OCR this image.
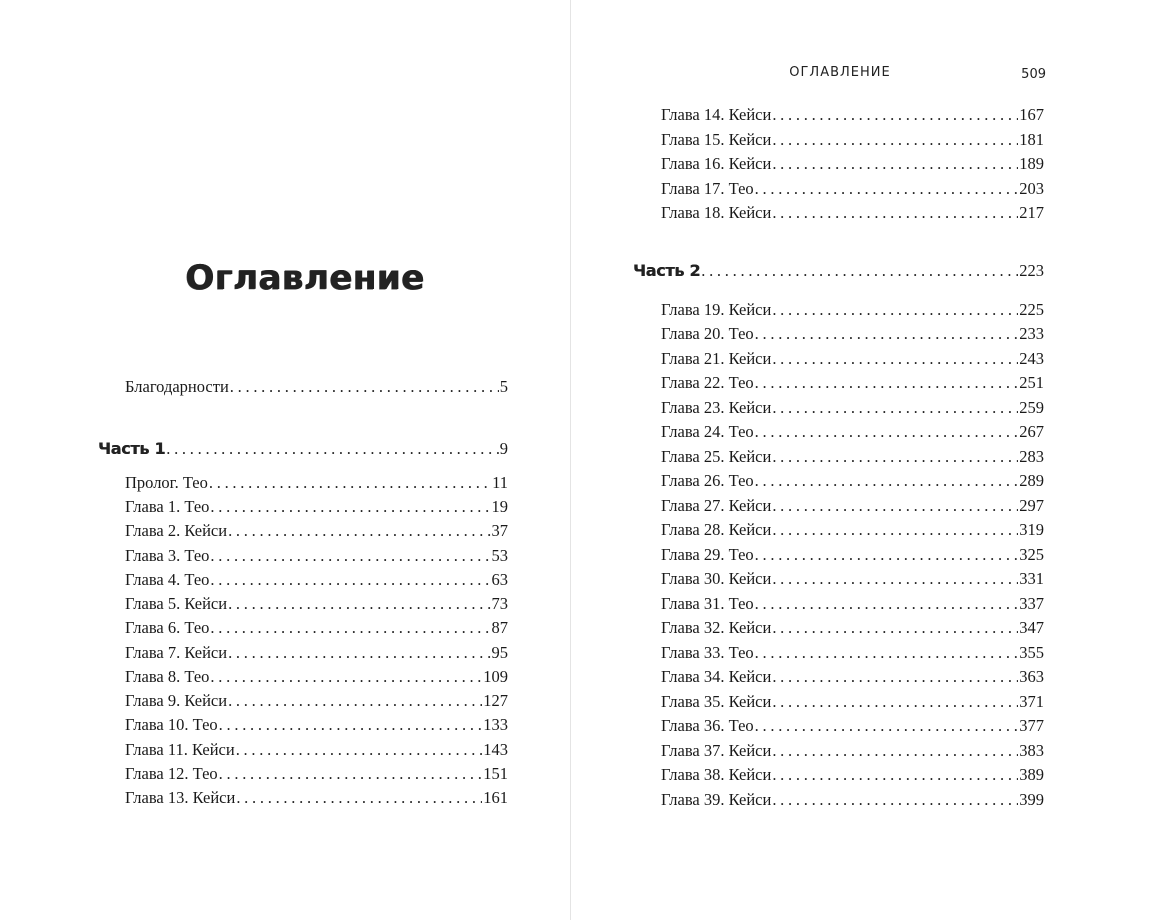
Оглавление
Благодарности . . .	5
Часть 1 . . .	9
Пролог. Тео . . .	11
Глава 1. Тео . . .	19
Глава 2. Кейси . . .	37
Глава 3. Тео . . .	53
Глава 4. Тео . . .	63
Глава 5. Кейси . . .	73
Глава 6. Тео . . .	87
Глава 7. Кейси . . .	95
Глава 8. Тео . . .	109
Глава 9. Кейси . . .	127
Глава 10. Тео . . .	133
Глава 11. Кейси . . .	143
Глава 12. Тео . . .	151
Глава 13. Кейси . . .	161
ОГЛАВЛЕНИЕ	509
Глава 14. Кейси . . .	167
Глава 15. Кейси . . .	181
Глава 16. Кейси . . .	189
Глава 17. Тео . . .	203
Глава 18. Кейси . . .	217
Часть 2 . . .	223
Глава 19. Кейси . . .	225
Глава 20. Тео . . .	233
Глава 21. Кейси . . .	243
Глава 22. Тео . . .	251
Глава 23. Кейси . . .	259
Глава 24. Тео . . .	267
Глава 25. Кейси . . .	283
Глава 26. Тео . . .	289
Глава 27. Кейси . . .	297
Глава 28. Кейси . . .	319
Глава 29. Тео . . .	325
Глава 30. Кейси . . .	331
Глава 31. Тео . . .	337
Глава 32. Кейси . . .	347
Глава 33. Тео . . .	355
Глава 34. Кейси . . .	363
Глава 35. Кейси . . .	371
Глава 36. Тео . . .	377
Глава 37. Кейси . . .	383
Глава 38. Кейси . . .	389
Глава 39. Кейси . . .	399
